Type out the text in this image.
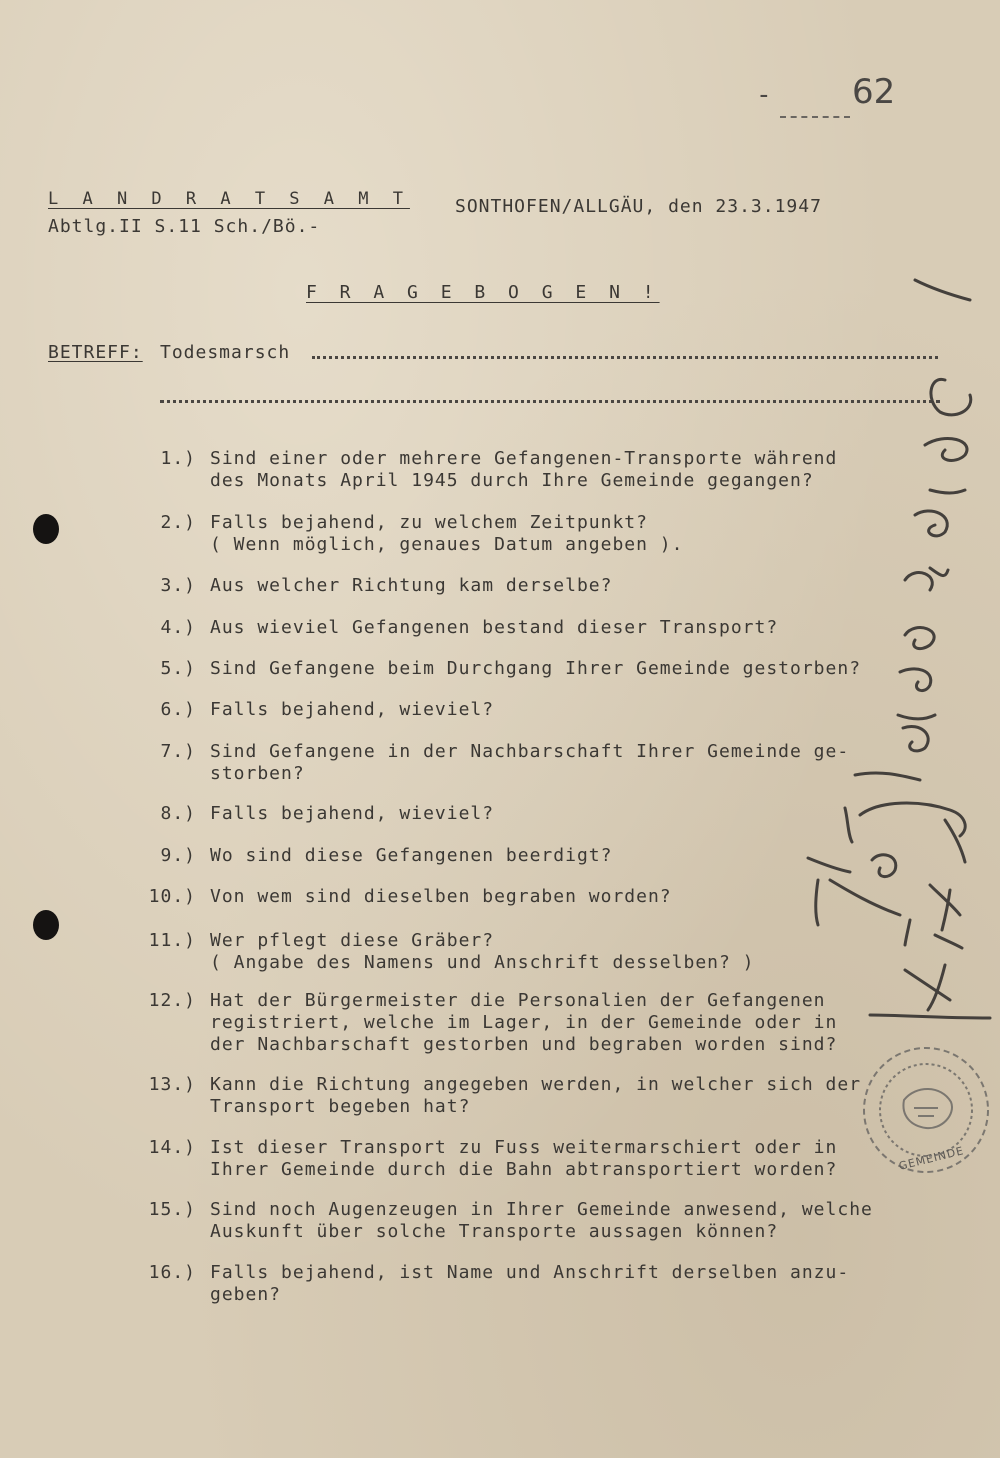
- 62
L A N D R A T S A M T
Abtlg.II S.11 Sch./Bö.-
SONTHOFEN/ALLGÄU, den 23.3.1947
F R A G E B O G E N !
BETREFF: Todesmarsch
1.) Sind einer oder mehrere Gefangenen-Transporte während
des Monats April 1945 durch Ihre Gemeinde gegangen?
2.) Falls bejahend, zu welchem Zeitpunkt?
( Wenn möglich, genaues Datum angeben ).
3.) Aus welcher Richtung kam derselbe?
4.) Aus wieviel Gefangenen bestand dieser Transport?
5.) Sind Gefangene beim Durchgang Ihrer Gemeinde gestorben?
6.) Falls bejahend, wieviel?
7.) Sind Gefangene in der Nachbarschaft Ihrer Gemeinde ge-
storben?
8.) Falls bejahend, wieviel?
9.) Wo sind diese Gefangenen beerdigt?
10.) Von wem sind dieselben begraben worden?
11.) Wer pflegt diese Gräber?
( Angabe des Namens und Anschrift desselben? )
12.) Hat der Bürgermeister die Personalien der Gefangenen
registriert, welche im Lager, in der Gemeinde oder in
der Nachbarschaft gestorben und begraben worden sind?
13.) Kann die Richtung angegeben werden, in welcher sich der
Transport begeben hat?
14.) Ist dieser Transport zu Fuss weitermarschiert oder in
Ihrer Gemeinde durch die Bahn abtransportiert worden?
15.) Sind noch Augenzeugen in Ihrer Gemeinde anwesend, welche
Auskunft über solche Transporte aussagen können?
16.) Falls bejahend, ist Name und Anschrift derselben anzu-
geben?
GEMEINDE
